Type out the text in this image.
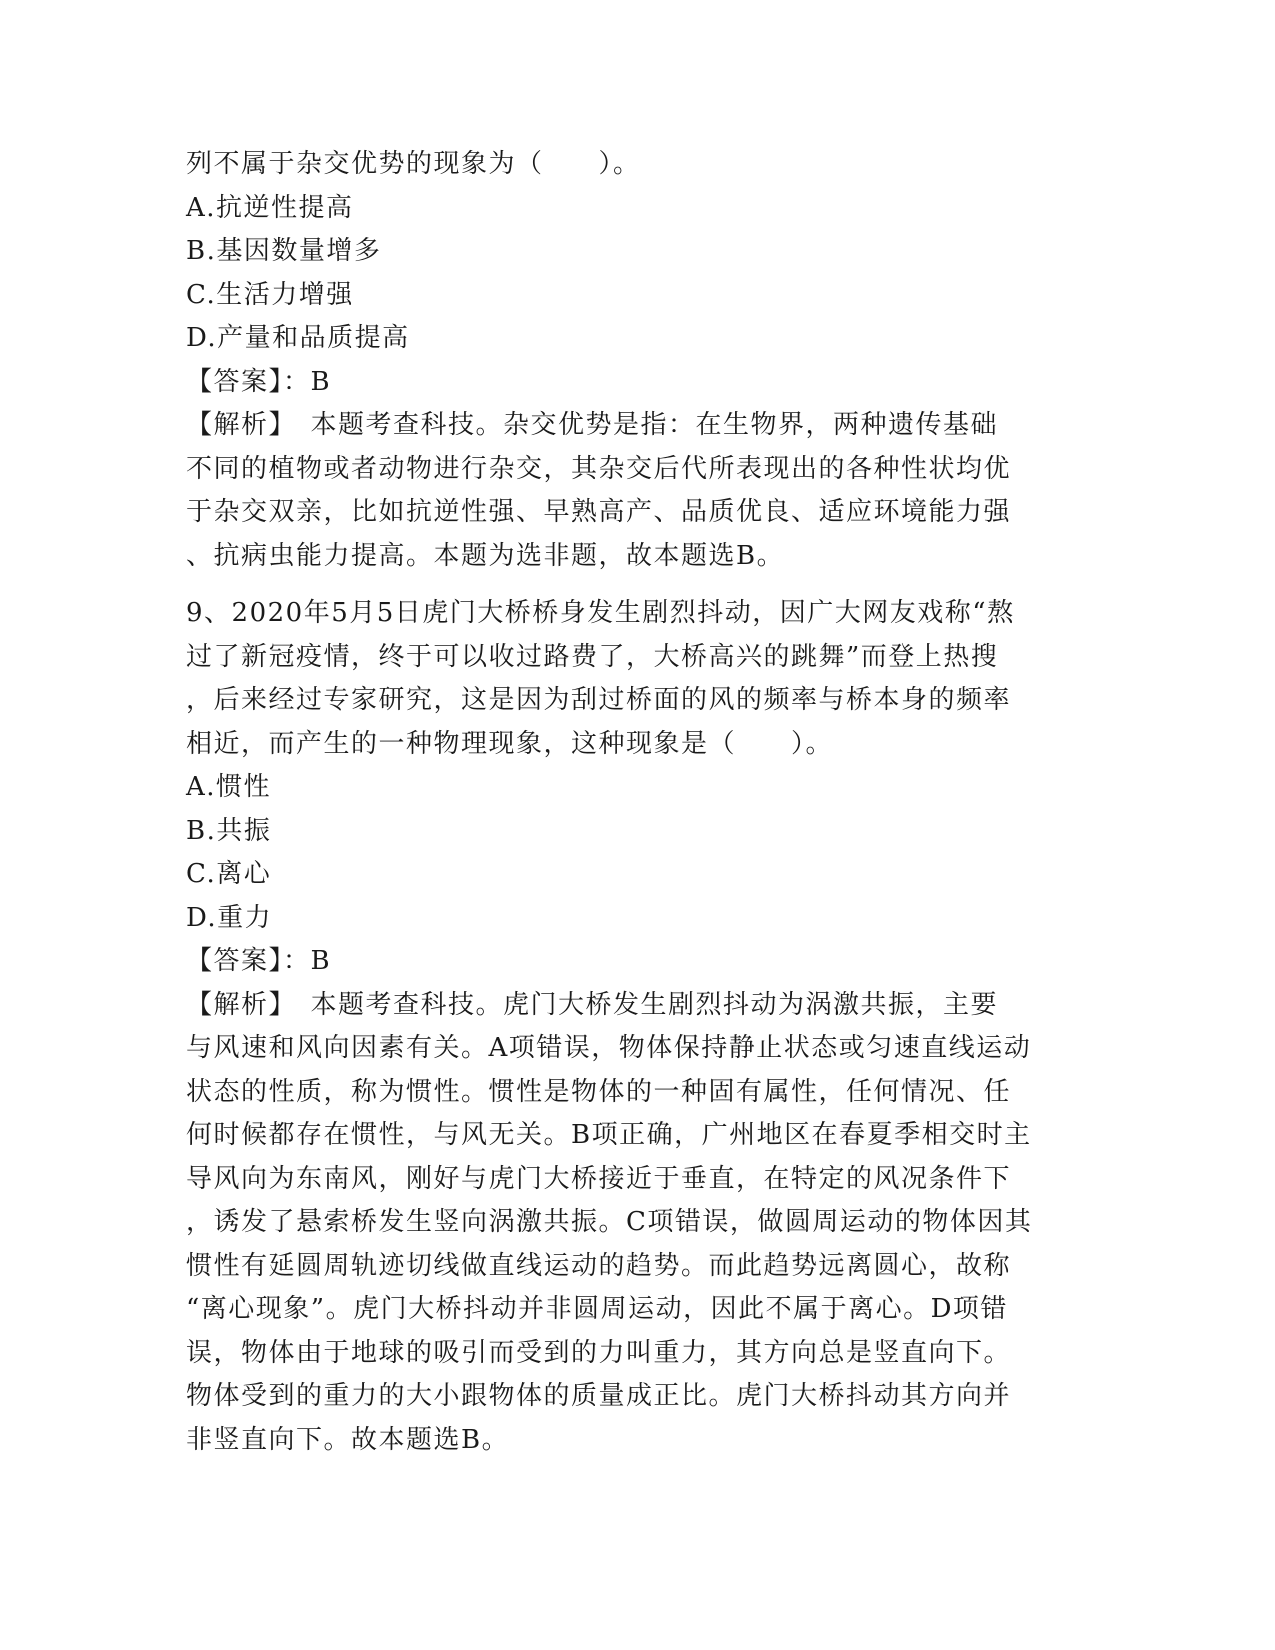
列不属于杂交优势的现象为（　　）。
A.抗逆性提高
B.基因数量增多
C.生活力增强
D.产量和品质提高
【答案】：B
【解析】　本题考查科技。杂交优势是指：在生物界，两种遗传基础
不同的植物或者动物进行杂交，其杂交后代所表现出的各种性状均优
于杂交双亲，比如抗逆性强、早熟高产、品质优良、适应环境能力强
、抗病虫能力提高。本题为选非题，故本题选B。
9、2020年5月5日虎门大桥桥身发生剧烈抖动，因广大网友戏称“熬
过了新冠疫情，终于可以收过路费了，大桥高兴的跳舞”而登上热搜
，后来经过专家研究，这是因为刮过桥面的风的频率与桥本身的频率
相近，而产生的一种物理现象，这种现象是（　　）。
A.惯性
B.共振
C.离心
D.重力
【答案】：B
【解析】　本题考查科技。虎门大桥发生剧烈抖动为涡激共振，主要
与风速和风向因素有关。A项错误，物体保持静止状态或匀速直线运动
状态的性质，称为惯性。惯性是物体的一种固有属性，任何情况、任
何时候都存在惯性，与风无关。B项正确，广州地区在春夏季相交时主
导风向为东南风，刚好与虎门大桥接近于垂直，在特定的风况条件下
，诱发了悬索桥发生竖向涡激共振。C项错误，做圆周运动的物体因其
惯性有延圆周轨迹切线做直线运动的趋势。而此趋势远离圆心，故称
“离心现象”。虎门大桥抖动并非圆周运动，因此不属于离心。D项错
误，物体由于地球的吸引而受到的力叫重力，其方向总是竖直向下。
物体受到的重力的大小跟物体的质量成正比。虎门大桥抖动其方向并
非竖直向下。故本题选B。
